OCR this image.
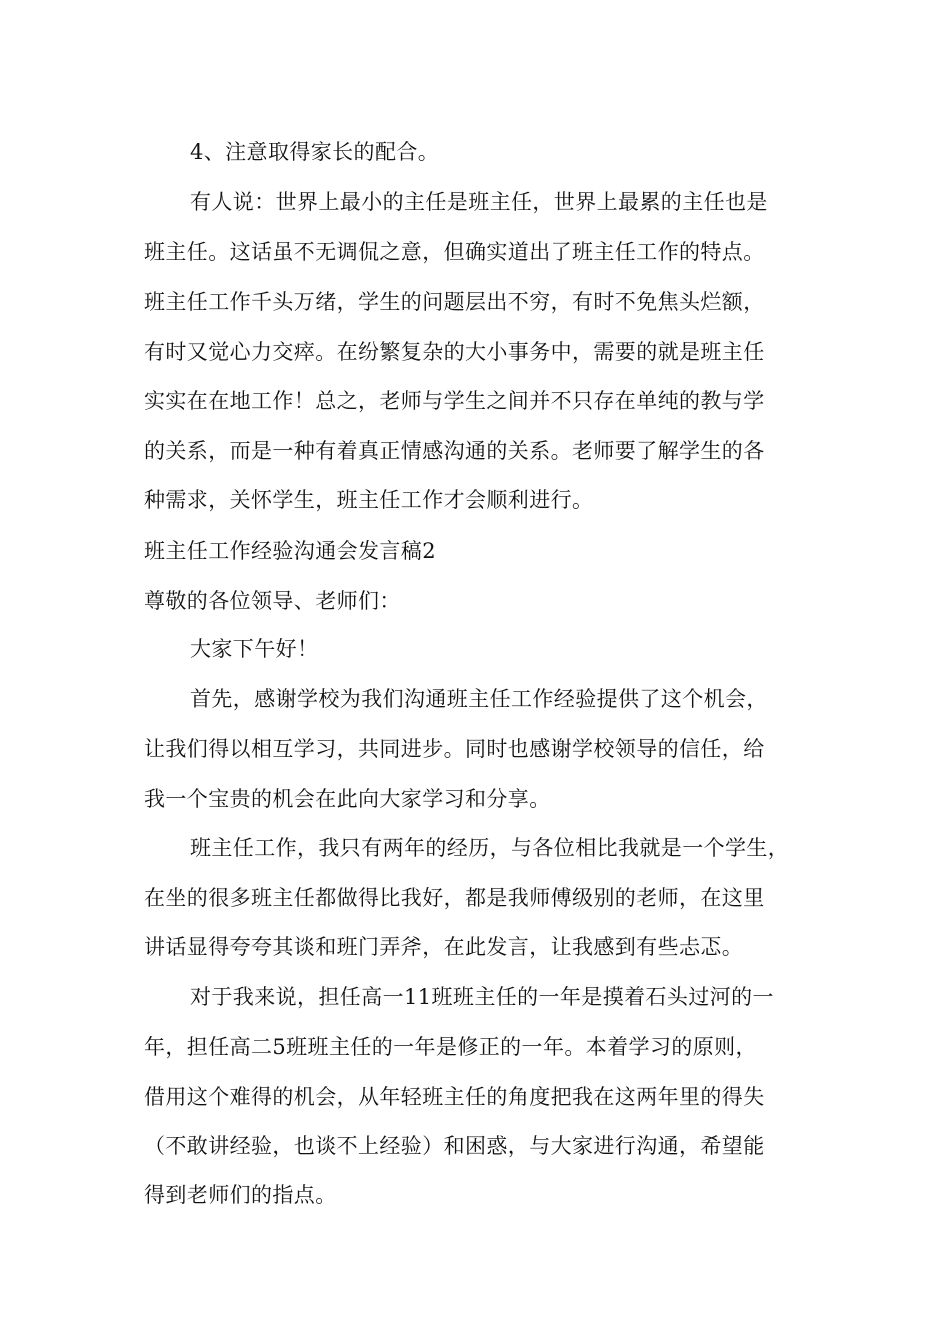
4、注意取得家长的配合。
有人说：世界上最小的主任是班主任，世界上最累的主任也是
班主任。这话虽不无调侃之意，但确实道出了班主任工作的特点。
班主任工作千头万绪，学生的问题层出不穷，有时不免焦头烂额，
有时又觉心力交瘁。在纷繁复杂的大小事务中，需要的就是班主任
实实在在地工作！总之，老师与学生之间并不只存在单纯的教与学
的关系，而是一种有着真正情感沟通的关系。老师要了解学生的各
种需求，关怀学生，班主任工作才会顺利进行。
班主任工作经验沟通会发言稿2
尊敬的各位领导、老师们：
大家下午好！
首先，感谢学校为我们沟通班主任工作经验提供了这个机会，
让我们得以相互学习，共同进步。同时也感谢学校领导的信任，给
我一个宝贵的机会在此向大家学习和分享。
班主任工作，我只有两年的经历，与各位相比我就是一个学生，
在坐的很多班主任都做得比我好，都是我师傅级别的老师，在这里
讲话显得夸夸其谈和班门弄斧，在此发言，让我感到有些忐忑。
对于我来说，担任高一11班班主任的一年是摸着石头过河的一
年，担任高二5班班主任的一年是修正的一年。本着学习的原则，
借用这个难得的机会，从年轻班主任的角度把我在这两年里的得失
（不敢讲经验，也谈不上经验）和困惑，与大家进行沟通，希望能
得到老师们的指点。
